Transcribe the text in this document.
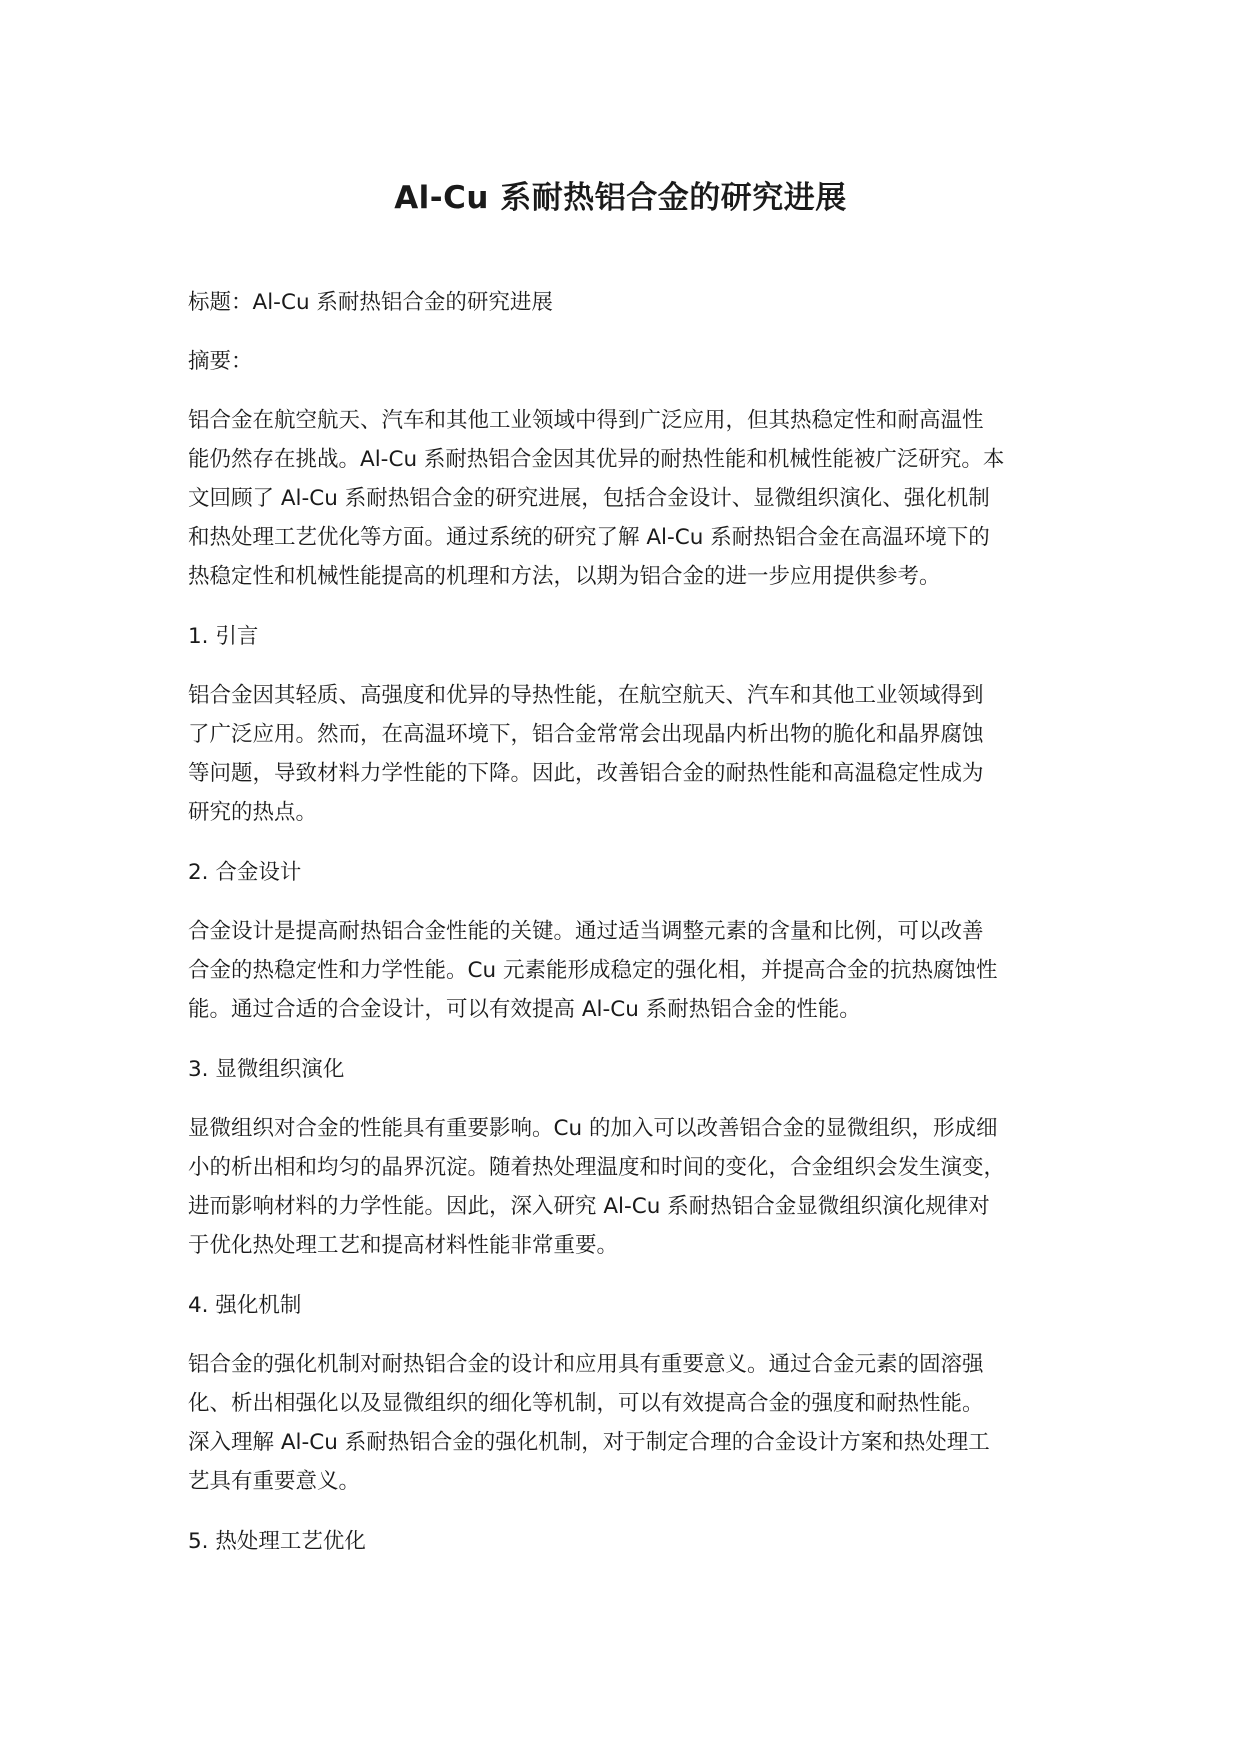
Al-Cu 系耐热铝合金的研究进展

标题：Al-Cu 系耐热铝合金的研究进展

摘要：

铝合金在航空航天、汽车和其他工业领域中得到广泛应用，但其热稳定性和耐高温性

能仍然存在挑战。Al-Cu 系耐热铝合金因其优异的耐热性能和机械性能被广泛研究。本

文回顾了 Al-Cu 系耐热铝合金的研究进展，包括合金设计、显微组织演化、强化机制

和热处理工艺优化等方面。通过系统的研究了解 Al-Cu 系耐热铝合金在高温环境下的

热稳定性和机械性能提高的机理和方法，以期为铝合金的进一步应用提供参考。

1. 引言

铝合金因其轻质、高强度和优异的导热性能，在航空航天、汽车和其他工业领域得到

了广泛应用。然而，在高温环境下，铝合金常常会出现晶内析出物的脆化和晶界腐蚀

等问题，导致材料力学性能的下降。因此，改善铝合金的耐热性能和高温稳定性成为

研究的热点。

2. 合金设计

合金设计是提高耐热铝合金性能的关键。通过适当调整元素的含量和比例，可以改善

合金的热稳定性和力学性能。Cu 元素能形成稳定的强化相，并提高合金的抗热腐蚀性

能。通过合适的合金设计，可以有效提高 Al-Cu 系耐热铝合金的性能。

3. 显微组织演化

显微组织对合金的性能具有重要影响。Cu 的加入可以改善铝合金的显微组织，形成细

小的析出相和均匀的晶界沉淀。随着热处理温度和时间的变化，合金组织会发生演变，

进而影响材料的力学性能。因此，深入研究 Al-Cu 系耐热铝合金显微组织演化规律对

于优化热处理工艺和提高材料性能非常重要。

4. 强化机制

铝合金的强化机制对耐热铝合金的设计和应用具有重要意义。通过合金元素的固溶强

化、析出相强化以及显微组织的细化等机制，可以有效提高合金的强度和耐热性能。

深入理解 Al-Cu 系耐热铝合金的强化机制，对于制定合理的合金设计方案和热处理工

艺具有重要意义。

5. 热处理工艺优化
